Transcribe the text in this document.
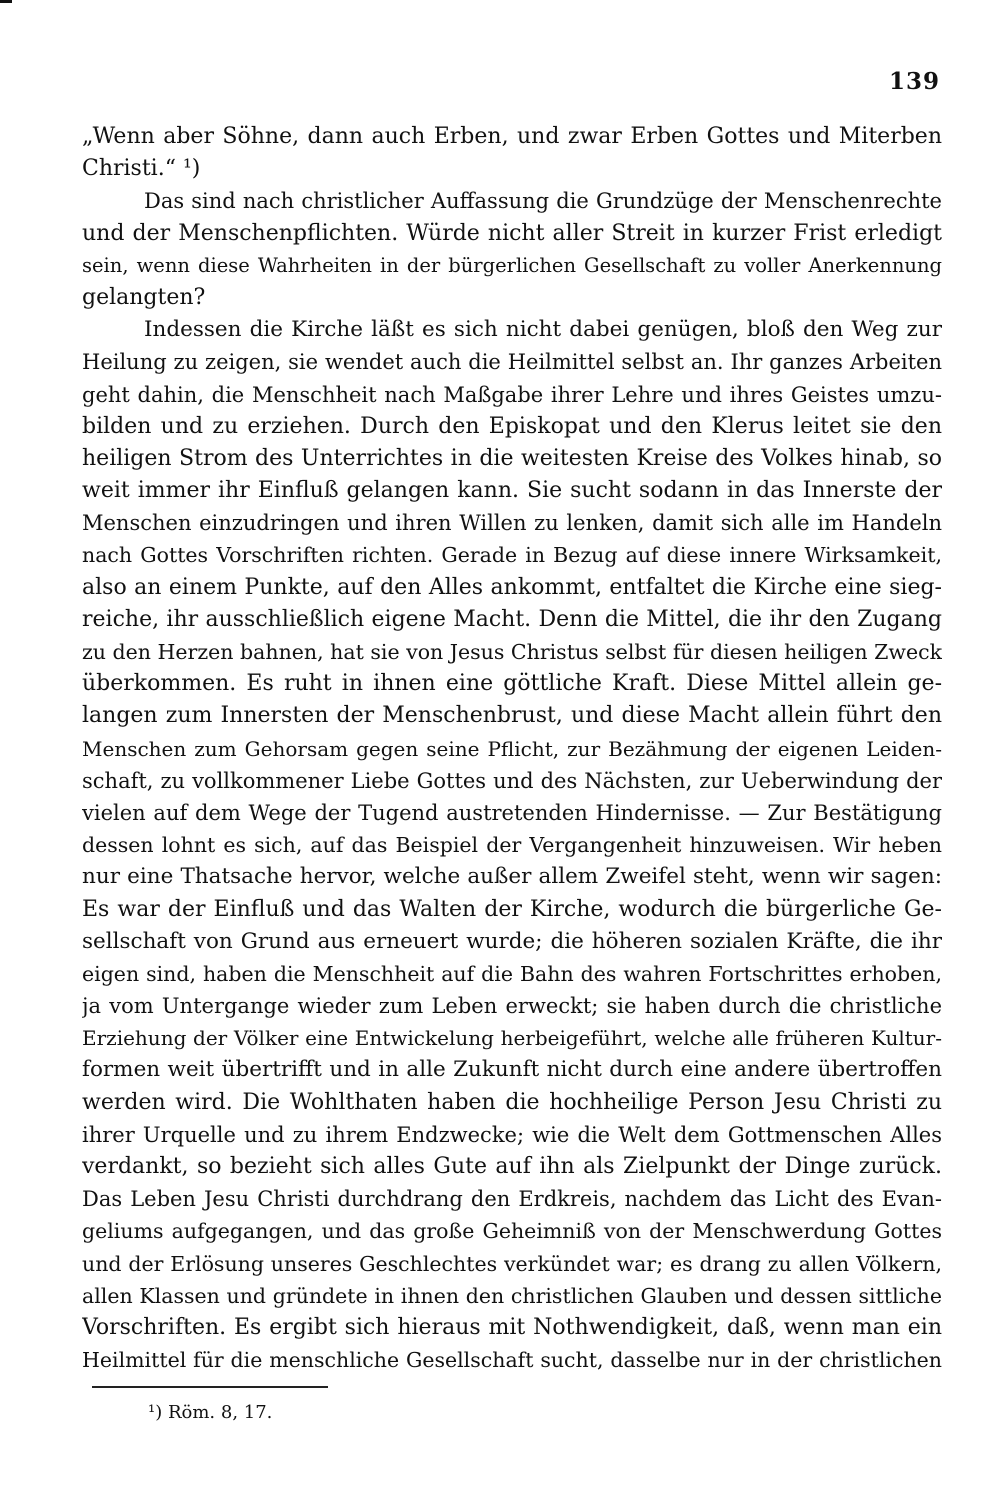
139
„Wenn aber Söhne, dann auch Erben, und zwar Erben Gottes und Miterben
Christi.“ ¹)
Das sind nach christlicher Auffassung die Grundzüge der Menschenrechte
und der Menschenpflichten. Würde nicht aller Streit in kurzer Frist erledigt
sein, wenn diese Wahrheiten in der bürgerlichen Gesellschaft zu voller Anerkennung
gelangten?
Indessen die Kirche läßt es sich nicht dabei genügen, bloß den Weg zur
Heilung zu zeigen, sie wendet auch die Heilmittel selbst an. Ihr ganzes Arbeiten
geht dahin, die Menschheit nach Maßgabe ihrer Lehre und ihres Geistes umzu-
bilden und zu erziehen. Durch den Episkopat und den Klerus leitet sie den
heiligen Strom des Unterrichtes in die weitesten Kreise des Volkes hinab, so
weit immer ihr Einfluß gelangen kann. Sie sucht sodann in das Innerste der
Menschen einzudringen und ihren Willen zu lenken, damit sich alle im Handeln
nach Gottes Vorschriften richten. Gerade in Bezug auf diese innere Wirksamkeit,
also an einem Punkte, auf den Alles ankommt, entfaltet die Kirche eine sieg-
reiche, ihr ausschließlich eigene Macht. Denn die Mittel, die ihr den Zugang
zu den Herzen bahnen, hat sie von Jesus Christus selbst für diesen heiligen Zweck
überkommen. Es ruht in ihnen eine göttliche Kraft. Diese Mittel allein ge-
langen zum Innersten der Menschenbrust, und diese Macht allein führt den
Menschen zum Gehorsam gegen seine Pflicht, zur Bezähmung der eigenen Leiden-
schaft, zu vollkommener Liebe Gottes und des Nächsten, zur Ueberwindung der
vielen auf dem Wege der Tugend austretenden Hindernisse. — Zur Bestätigung
dessen lohnt es sich, auf das Beispiel der Vergangenheit hinzuweisen. Wir heben
nur eine Thatsache hervor, welche außer allem Zweifel steht, wenn wir sagen:
Es war der Einfluß und das Walten der Kirche, wodurch die bürgerliche Ge-
sellschaft von Grund aus erneuert wurde; die höheren sozialen Kräfte, die ihr
eigen sind, haben die Menschheit auf die Bahn des wahren Fortschrittes erhoben,
ja vom Untergange wieder zum Leben erweckt; sie haben durch die christliche
Erziehung der Völker eine Entwickelung herbeigeführt, welche alle früheren Kultur-
formen weit übertrifft und in alle Zukunft nicht durch eine andere übertroffen
werden wird. Die Wohlthaten haben die hochheilige Person Jesu Christi zu
ihrer Urquelle und zu ihrem Endzwecke; wie die Welt dem Gottmenschen Alles
verdankt, so bezieht sich alles Gute auf ihn als Zielpunkt der Dinge zurück.
Das Leben Jesu Christi durchdrang den Erdkreis, nachdem das Licht des Evan-
geliums aufgegangen, und das große Geheimniß von der Menschwerdung Gottes
und der Erlösung unseres Geschlechtes verkündet war; es drang zu allen Völkern,
allen Klassen und gründete in ihnen den christlichen Glauben und dessen sittliche
Vorschriften. Es ergibt sich hieraus mit Nothwendigkeit, daß, wenn man ein
Heilmittel für die menschliche Gesellschaft sucht, dasselbe nur in der christlichen
¹) Röm. 8, 17.
